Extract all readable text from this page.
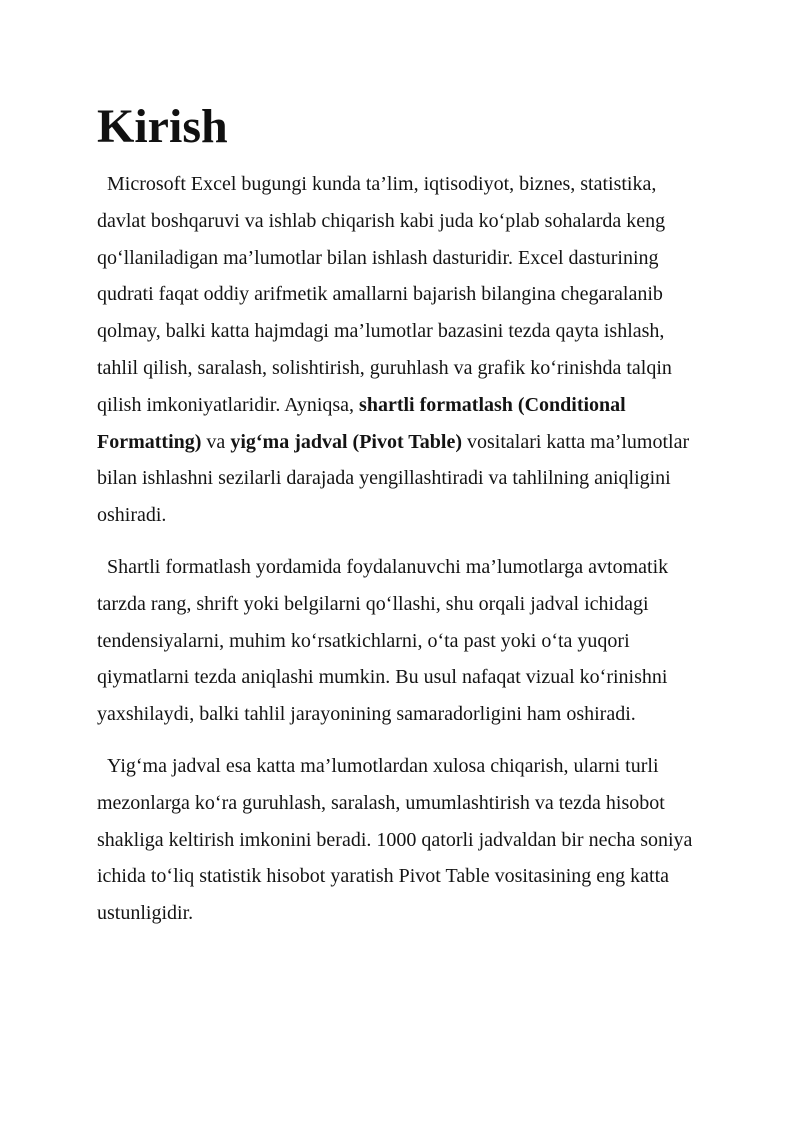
Kirish

Microsoft Excel bugungi kunda ta’lim, iqtisodiyot, biznes, statistika, davlat boshqaruvi va ishlab chiqarish kabi juda ko‘plab sohalarda keng qo‘llaniladigan ma’lumotlar bilan ishlash dasturidir. Excel dasturining qudrati faqat oddiy arifmetik amallarni bajarish bilangina chegaralanib qolmay, balki katta hajmdagi ma’lumotlar bazasini tezda qayta ishlash, tahlil qilish, saralash, solishtirish, guruhlash va grafik ko‘rinishda talqin qilish imkoniyatlaridir. Ayniqsa, shartli formatlash (Conditional Formatting) va yig‘ma jadval (Pivot Table) vositalari katta ma’lumotlar bilan ishlashni sezilarli darajada yengillashtiradi va tahlilning aniqligini oshiradi.

Shartli formatlash yordamida foydalanuvchi ma’lumotlarga avtomatik tarzda rang, shrift yoki belgilarni qo‘llashi, shu orqali jadval ichidagi tendensiyalarni, muhim ko‘rsatkichlarni, o‘ta past yoki o‘ta yuqori qiymatlarni tezda aniqlashi mumkin. Bu usul nafaqat vizual ko‘rinishni yaxshilaydi, balki tahlil jarayonining samaradorligini ham oshiradi.

Yig‘ma jadval esa katta ma’lumotlardan xulosa chiqarish, ularni turli mezonlarga ko‘ra guruhlash, saralash, umumlashtirish va tezda hisobot shakliga keltirish imkonini beradi. 1000 qatorli jadvaldan bir necha soniya ichida to‘liq statistik hisobot yaratish Pivot Table vositasining eng katta ustunligidir.
